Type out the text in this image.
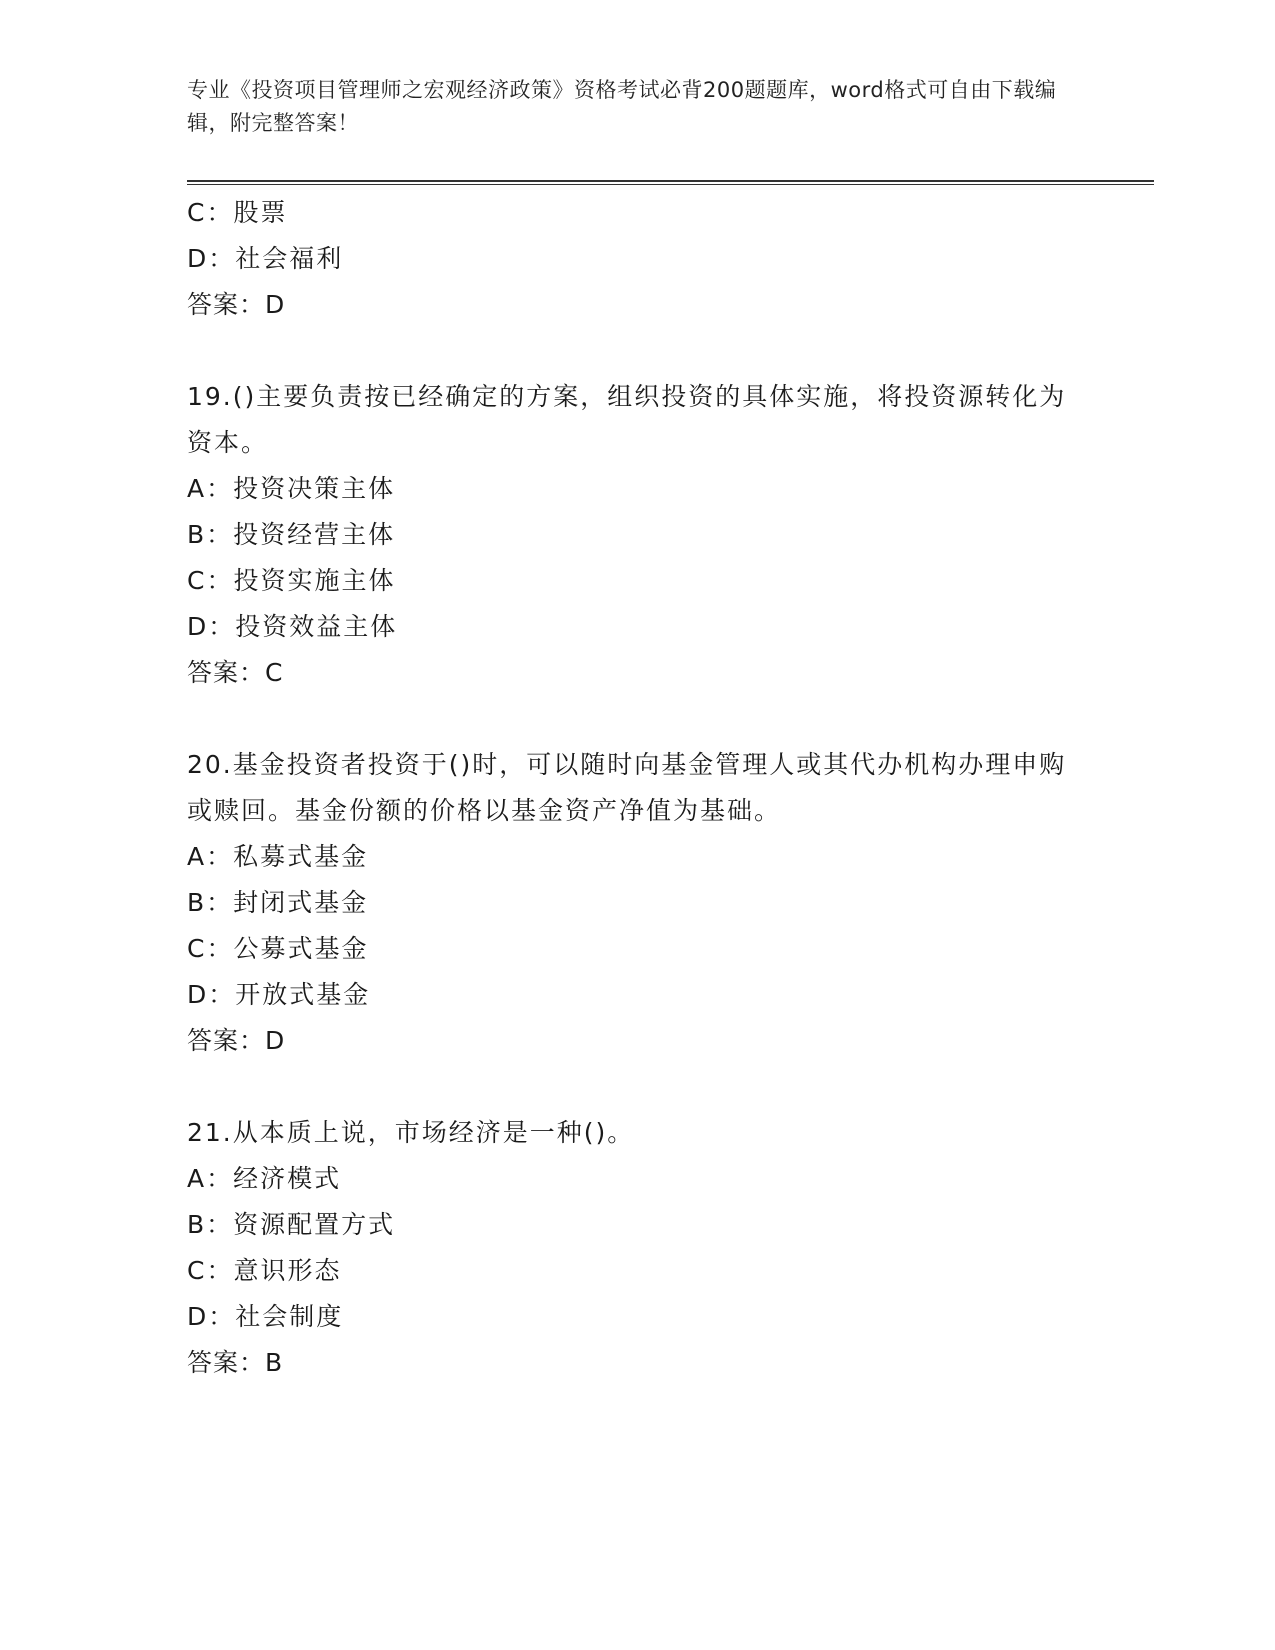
专业《投资项目管理师之宏观经济政策》资格考试必背200题题库，word格式可自由下载编辑，附完整答案！
C：股票
D：社会福利
答案：D
19.()主要负责按已经确定的方案，组织投资的具体实施，将投资源转化为资本。
A：投资决策主体
B：投资经营主体
C：投资实施主体
D：投资效益主体
答案：C
20.基金投资者投资于()时，可以随时向基金管理人或其代办机构办理申购或赎回。基金份额的价格以基金资产净值为基础。
A：私募式基金
B：封闭式基金
C：公募式基金
D：开放式基金
答案：D
21.从本质上说，市场经济是一种()。
A：经济模式
B：资源配置方式
C：意识形态
D：社会制度
答案：B
